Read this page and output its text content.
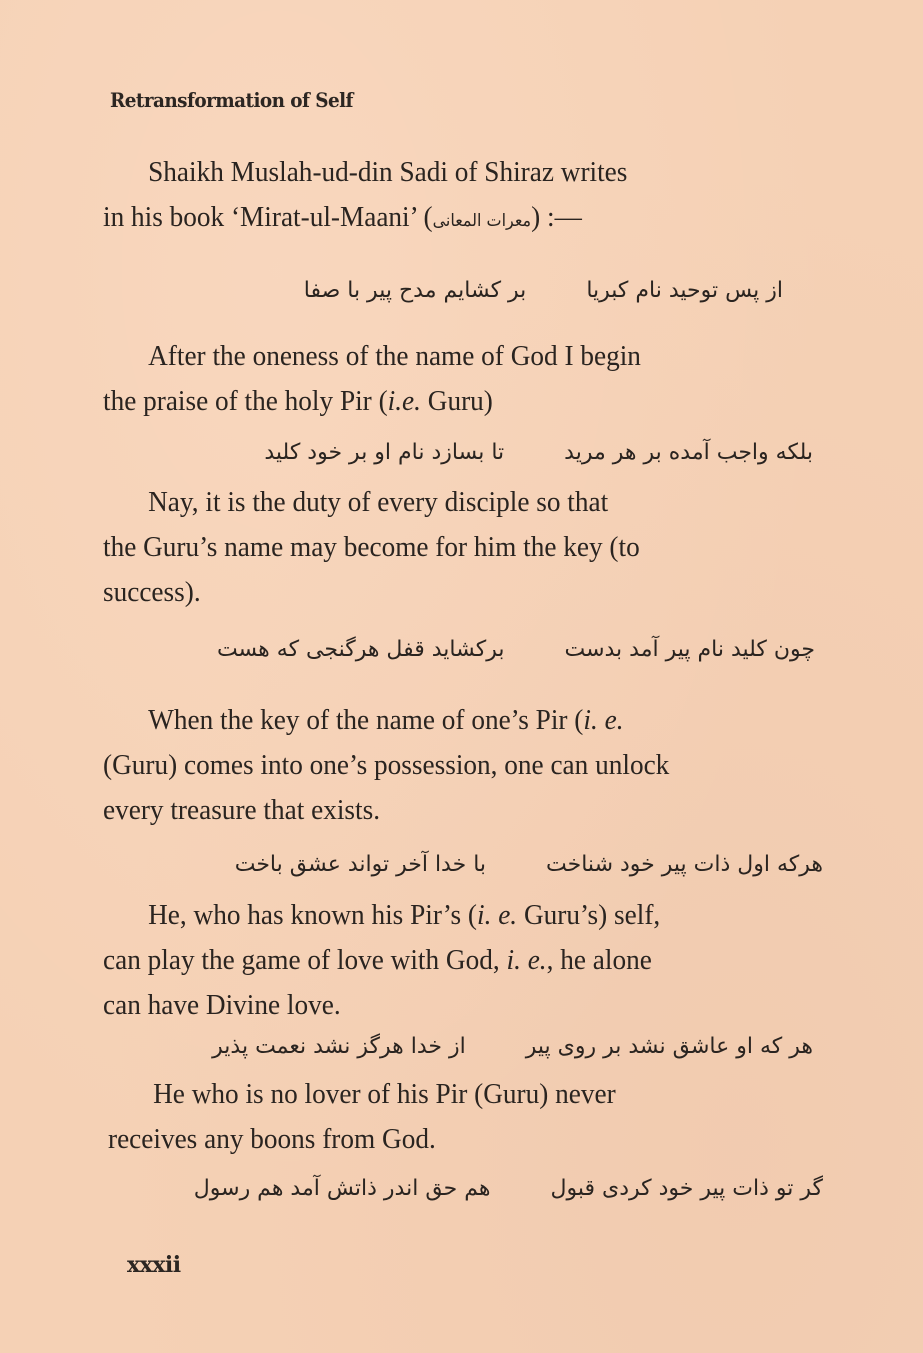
Retransformation of Self
Shaikh Muslah-ud-din Sadi of Shiraz writes
in his book ‘Mirat-ul-Maani’ (معرات المعانی) :—
از پس توحید نام کبریا
بر کشایم مدح پیر با صفا
After the oneness of the name of God I begin
the praise of the holy Pir (i.e. Guru)
بلکه واجب آمده بر هر مرید
تا بسازد نام او بر خود کلید
Nay, it is the duty of every disciple so that
the Guru’s name may become for him the key (to
success).
چون کلید نام پیر آمد بدست
برکشاید قفل هرگنجی که هست
When the key of the name of one’s Pir (i. e.
(Guru) comes into one’s possession, one can unlock
every treasure that exists.
هرکه اول ذات پیر خود شناخت
با خدا آخر تواند عشق باخت
He, who has known his Pir’s (i. e. Guru’s) self,
can play the game of love with God, i. e., he alone
can have Divine love.
هر که او عاشق نشد بر روی پیر
از خدا هرگز نشد نعمت پذیر
He who is no lover of his Pir (Guru) never
receives any boons from God.
گر تو ذات پیر خود کردی قبول
هم حق اندر ذاتش آمد هم رسول
xxxii
